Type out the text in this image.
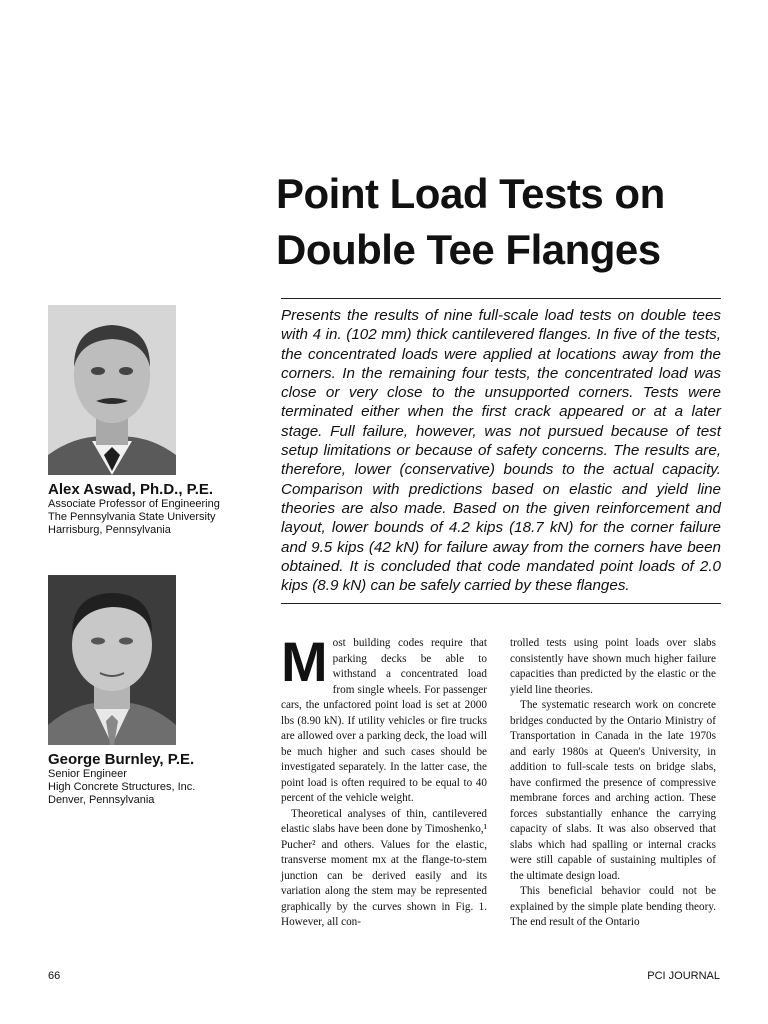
Point Load Tests on Double Tee Flanges

Presents the results of nine full-scale load tests on double tees with 4 in. (102 mm) thick cantilevered flanges. In five of the tests, the concentrated loads were applied at locations away from the corners. In the remaining four tests, the concentrated load was close or very close to the unsupported corners. Tests were terminated either when the first crack appeared or at a later stage. Full failure, however, was not pursued because of test setup limitations or because of safety concerns. The results are, therefore, lower (conservative) bounds to the actual capacity. Comparison with predictions based on elastic and yield line theories are also made. Based on the given reinforcement and layout, lower bounds of 4.2 kips (18.7 kN) for the corner failure and 9.5 kips (42 kN) for failure away from the corners have been obtained. It is concluded that code mandated point loads of 2.0 kips (8.9 kN) can be safely carried by these flanges.

Alex Aswad, Ph.D., P.E.
Associate Professor of Engineering
The Pennsylvania State University
Harrisburg, Pennsylvania
George Burnley, P.E.
Senior Engineer
High Concrete Structures, Inc.
Denver, Pennsylvania

Most building codes require that parking decks be able to withstand a concentrated load from single wheels. For passenger cars, the unfactored point load is set at 2000 lbs (8.90 kN). If utility vehicles or fire trucks are allowed over a parking deck, the load will be much higher and such cases should be investigated separately. In the latter case, the point load is often required to be equal to 40 percent of the vehicle weight.

Theoretical analyses of thin, cantilevered elastic slabs have been done by Timoshenko,¹ Pucher² and others. Values for the elastic, transverse moment mx at the flange-to-stem junction can be derived easily and its variation along the stem may be represented graphically by the curves shown in Fig. 1. However, all con-

trolled tests using point loads over slabs consistently have shown much higher failure capacities than predicted by the elastic or the yield line theories.

The systematic research work on concrete bridges conducted by the Ontario Ministry of Transportation in Canada in the late 1970s and early 1980s at Queen's University, in addition to full-scale tests on bridge slabs, have confirmed the presence of compressive membrane forces and arching action. These forces substantially enhance the carrying capacity of slabs. It was also observed that slabs which had spalling or internal cracks were still capable of sustaining multiples of the ultimate design load.

This beneficial behavior could not be explained by the simple plate bending theory. The end result of the Ontario

66	PCI JOURNAL
